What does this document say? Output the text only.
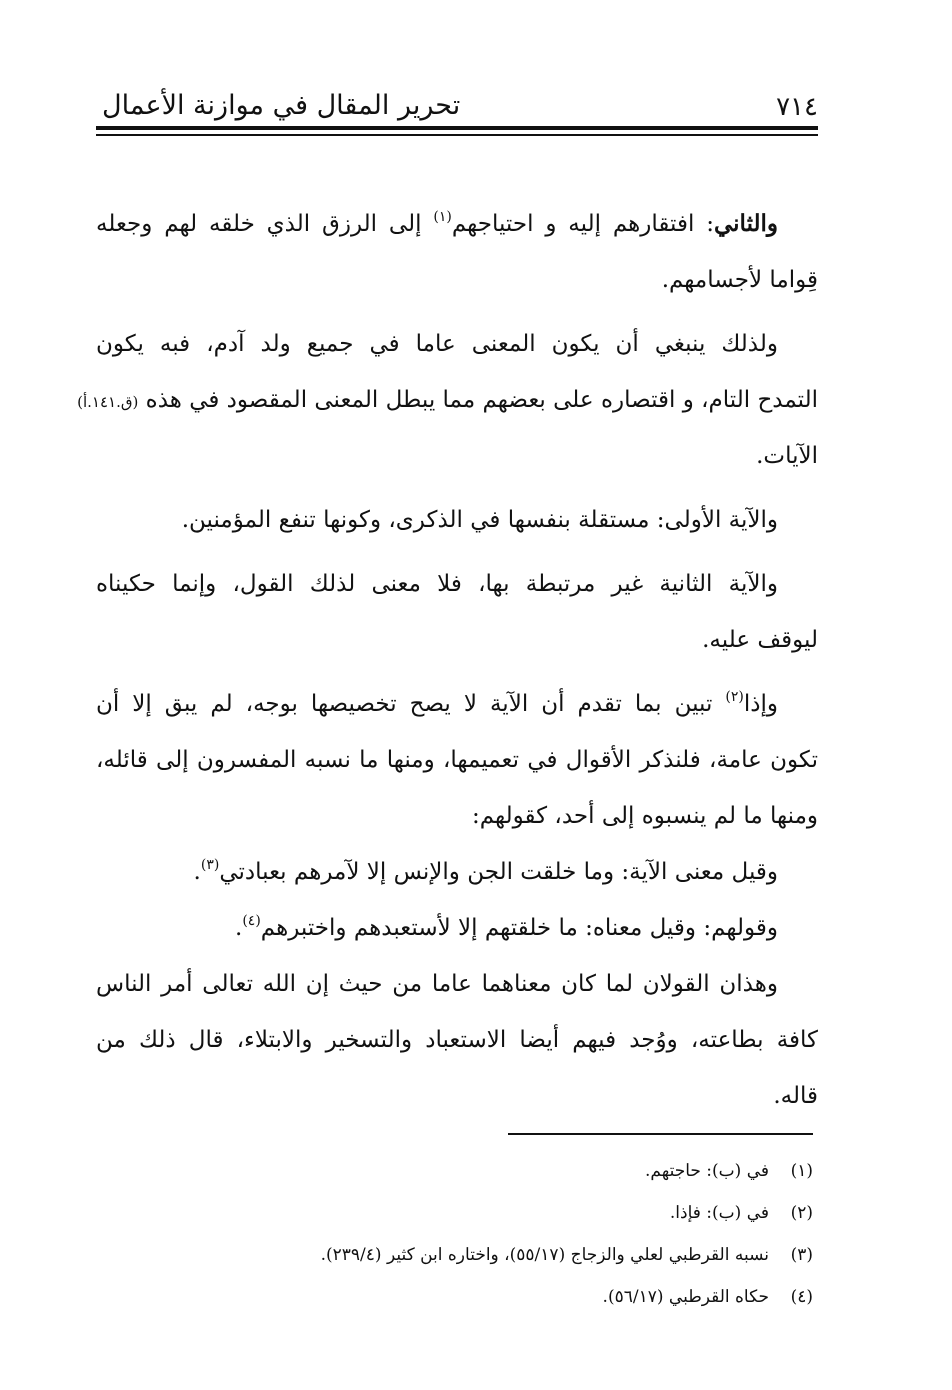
٧١٤
تحرير المقال في موازنة الأعمال
والثاني: افتقارهم إليه و احتياجهم$^{(١)}$ إلى الرزق الذي خلقه لهم وجعله
قِواما لأجسامهم.
ولذلك ينبغي أن يكون المعنى عاما في جميع ولد آدم، فبه يكون
التمدح التام، و اقتصاره على بعضهم مما يبطل المعنى المقصود في هذه (ق.١٤١.أ)
الآيات.
والآية الأولى: مستقلة بنفسها في الذكرى، وكونها تنفع المؤمنين.
والآية الثانية غير مرتبطة بها، فلا معنى لذلك القول، وإنما حكيناه
ليوقف عليه.
وإذا$^{(٢)}$ تبين بما تقدم أن الآية لا يصح تخصيصها بوجه، لم يبق إلا أن
تكون عامة، فلنذكر الأقوال في تعميمها، ومنها ما نسبه المفسرون إلى قائله،
ومنها ما لم ينسبوه إلى أحد، كقولهم:
وقيل معنى الآية: وما خلقت الجن والإنس إلا لآمرهم بعبادتي$^{(٣)}$.
وقولهم: وقيل معناه: ما خلقتهم إلا لأستعبدهم واختبرهم$^{(٤)}$.
وهذان القولان لما كان معناهما عاما من حيث إن الله تعالى أمر الناس
كافة بطاعته، ووُجد فيهم أيضا الاستعباد والتسخير والابتلاء، قال ذلك من
قاله.
(١)في (ب): حاجتهم.
(٢)في (ب): فإذا.
(٣)نسبه القرطبي لعلي والزجاج (٥٥/١٧)، واختاره ابن كثير (٢٣٩/٤).
(٤)حكاه القرطبي (٥٦/١٧).
